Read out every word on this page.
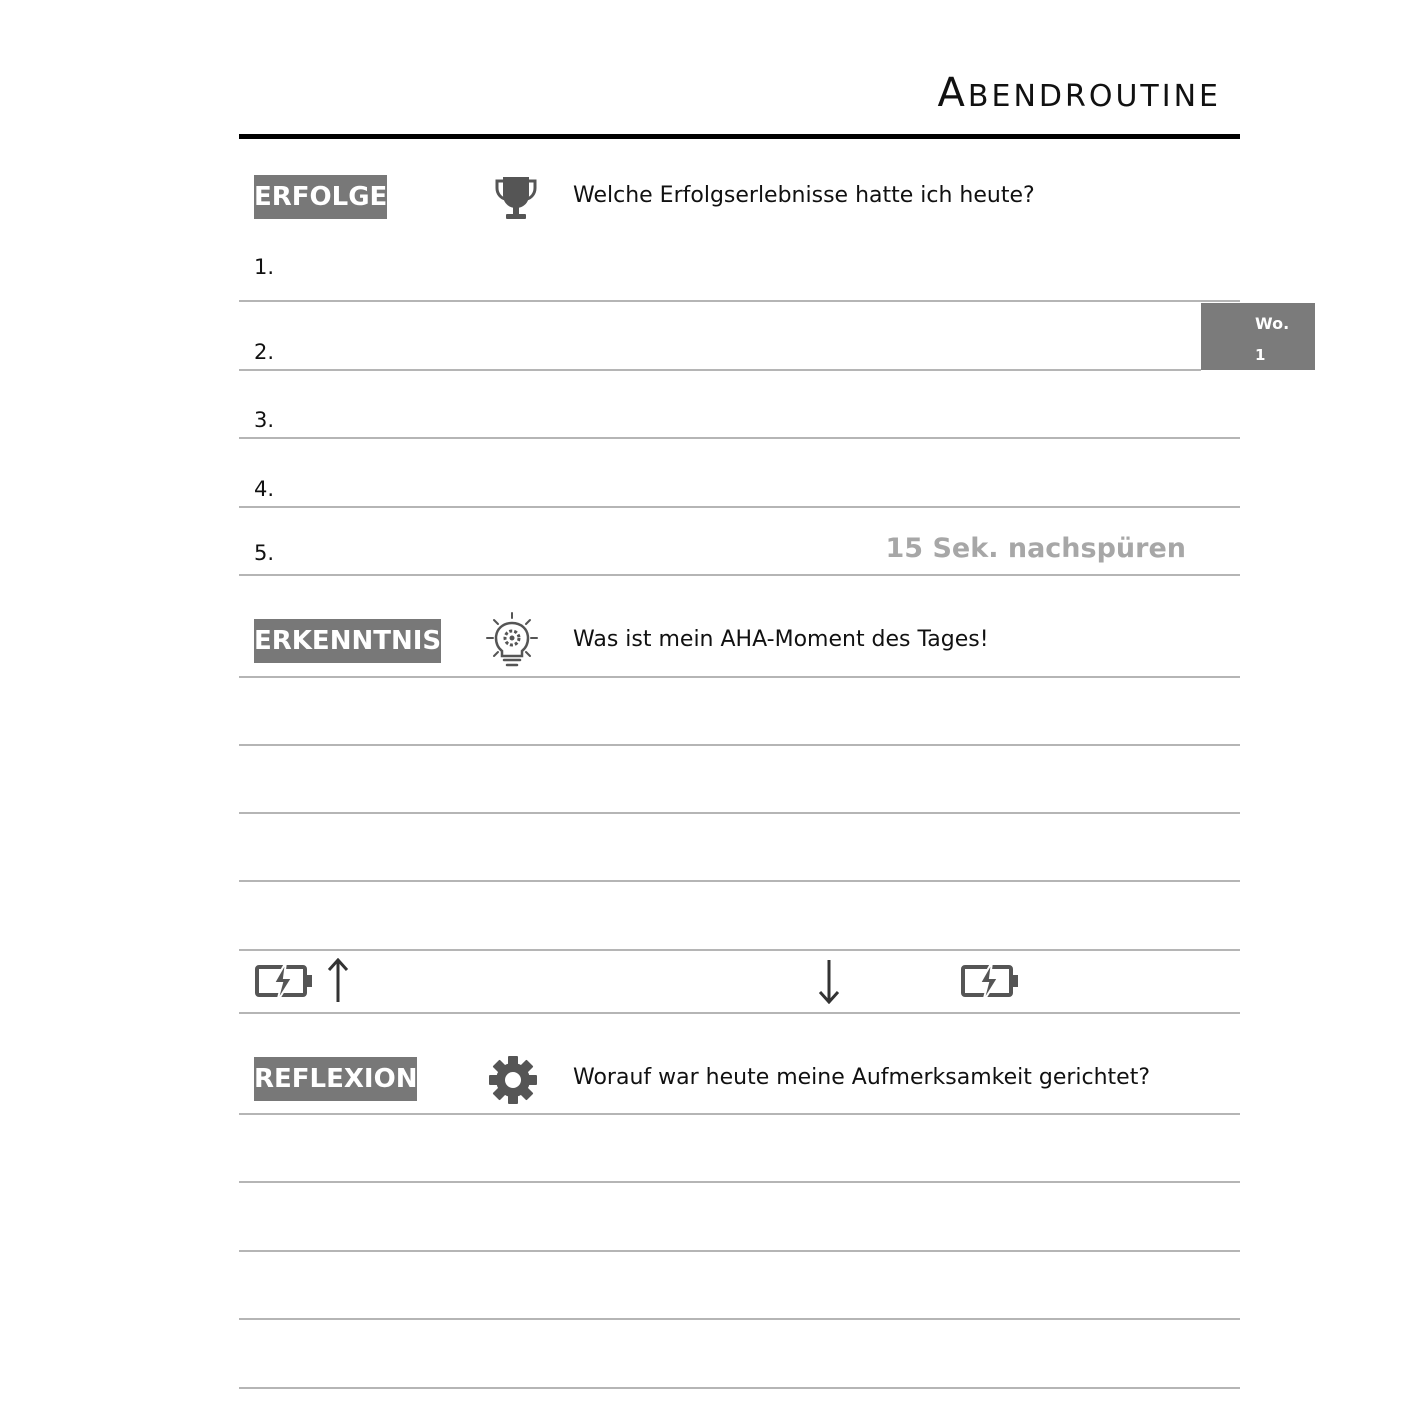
ABENDROUTINE
ERFOLGE	Welche Erfolgserlebnisse hatte ich heute?
1.
2.
3.
4.
5.	15 Sek. nachspüren
Wo.
1
ERKENNTNIS	Was ist mein AHA-Moment des Tages!
REFLEXION	Worauf war heute meine Aufmerksamkeit gerichtet?
